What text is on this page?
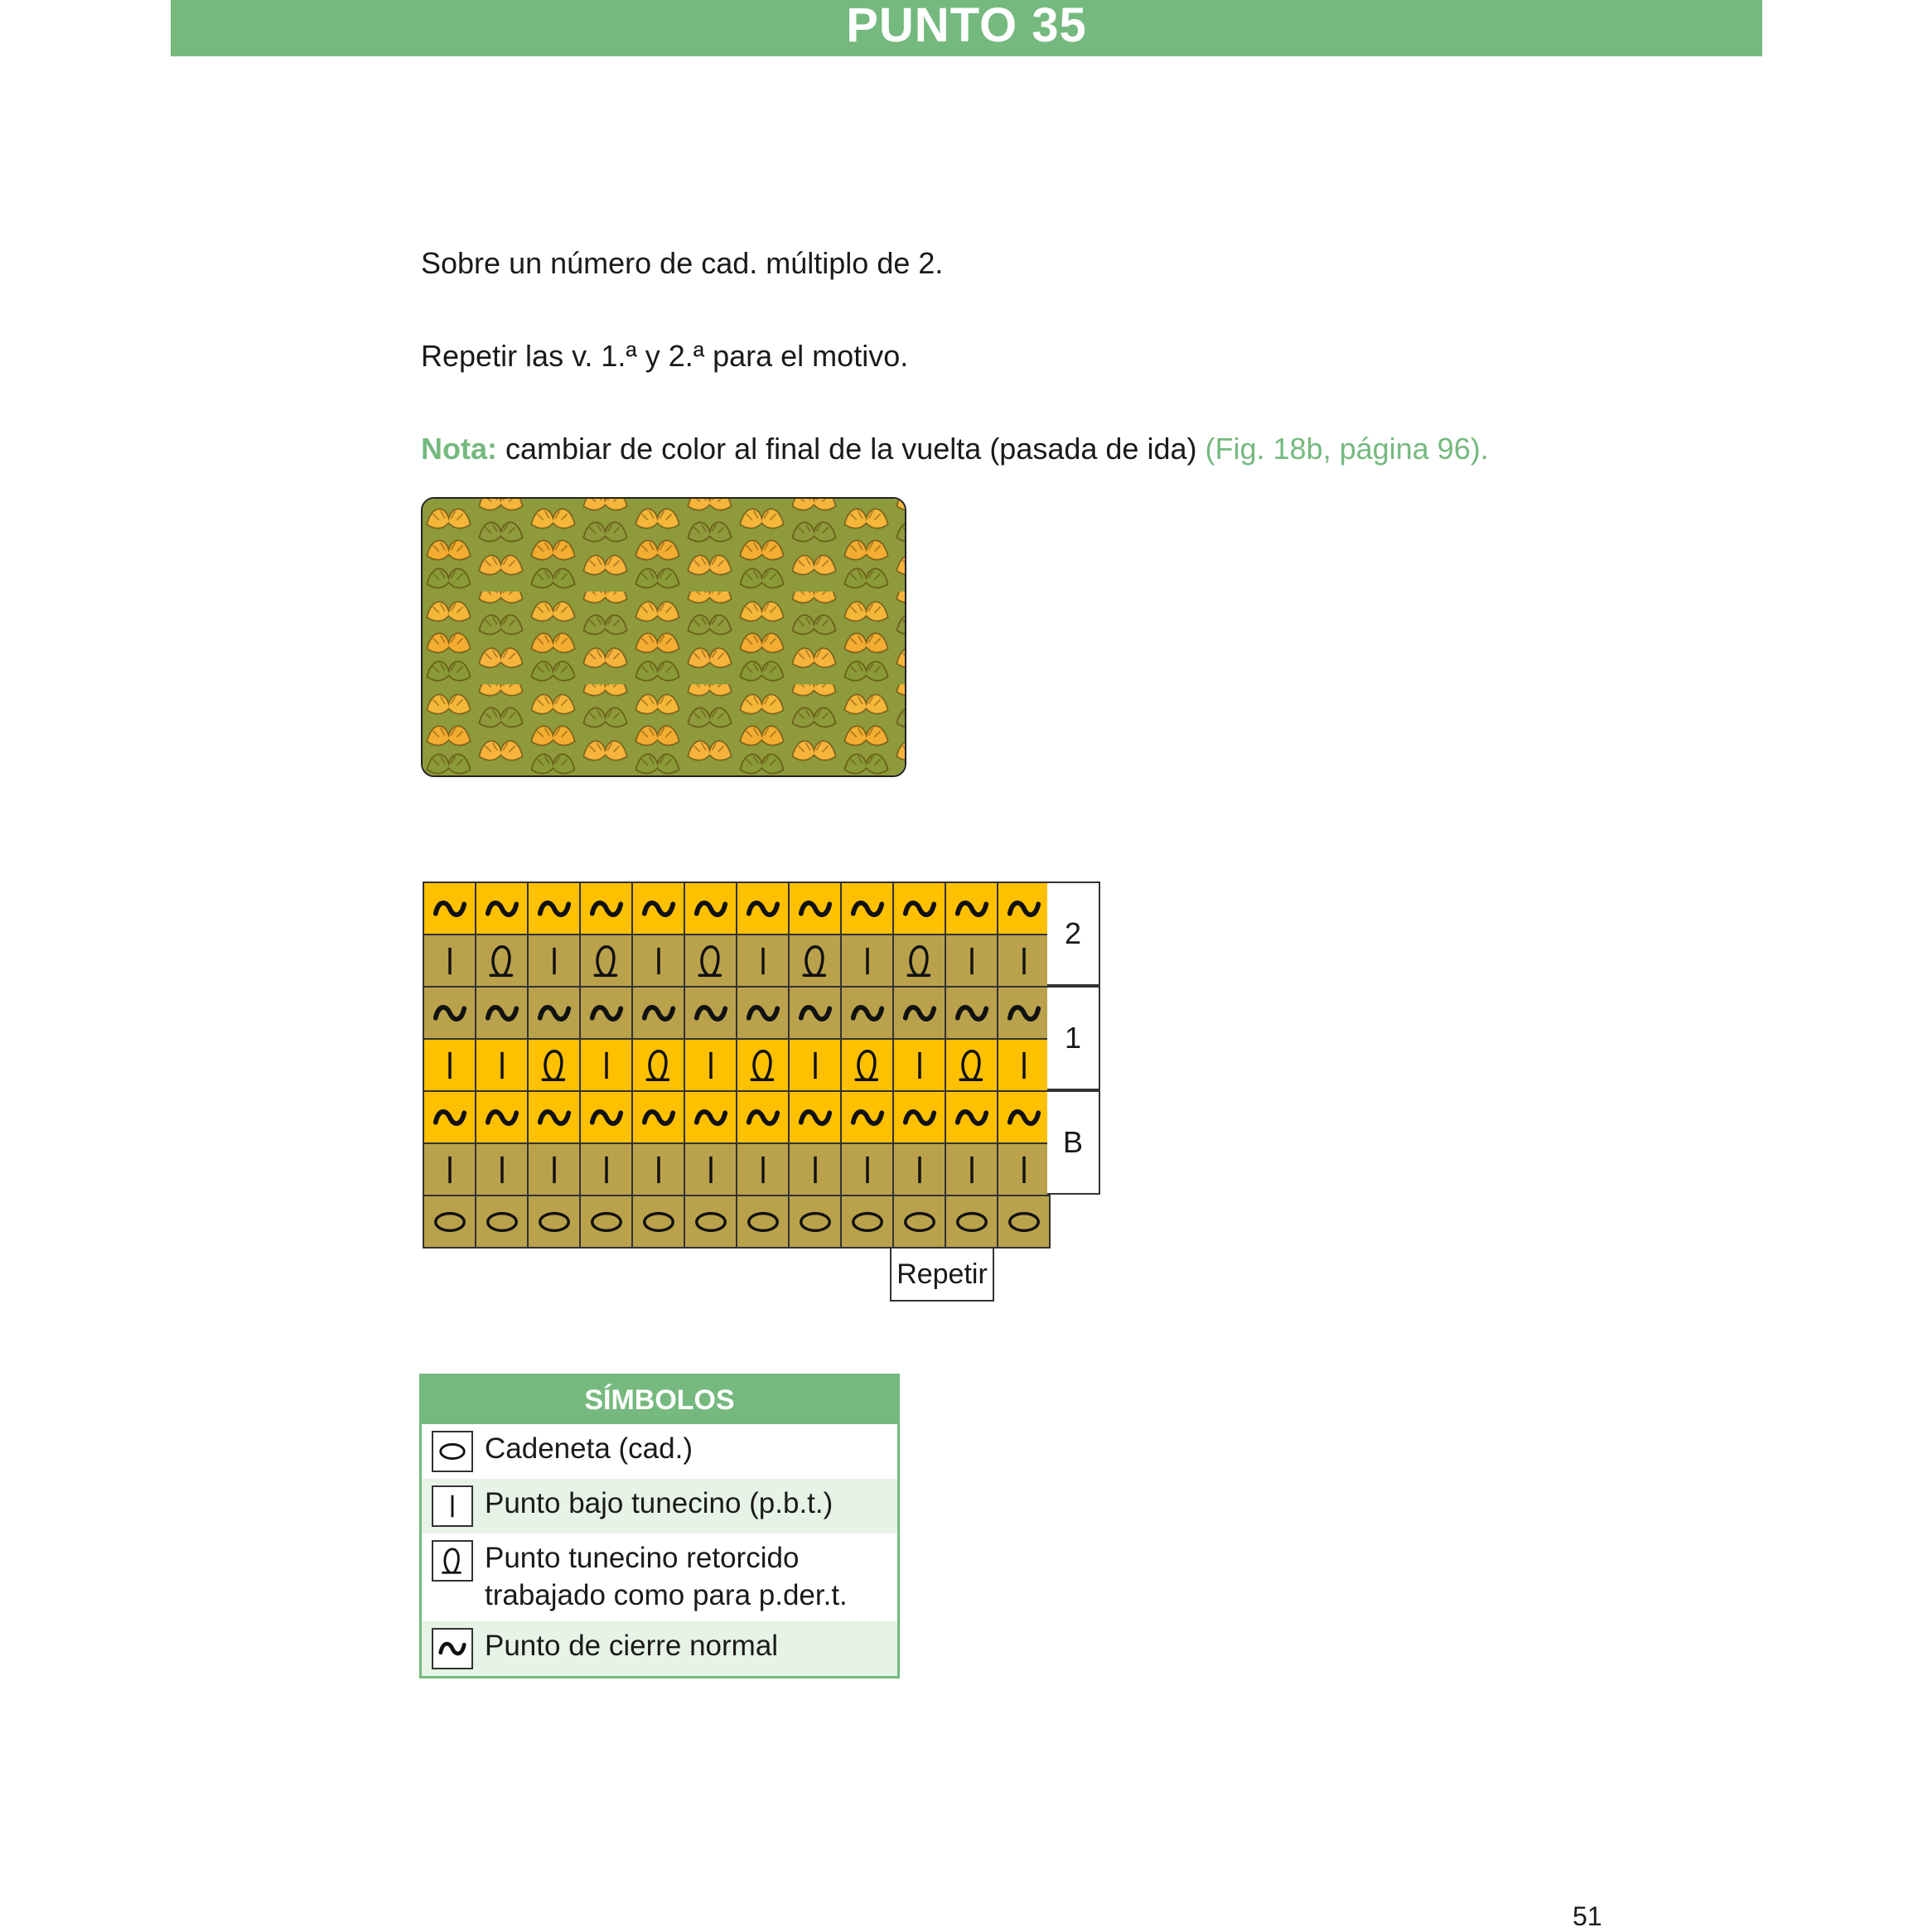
PUNTO 35
Sobre un número de cad. múltiplo de 2.
Repetir las v. 1.ª y 2.ª para el motivo.
Nota: cambiar de color al final de la vuelta (pasada de ida) (Fig. 18b, página 96).
2
1
B
Repetir
SÍMBOLOS
Cadeneta (cad.)
Punto bajo tunecino (p.b.t.)
Punto tunecino retorcido
trabajado como para p.der.t.
Punto de cierre normal
51
